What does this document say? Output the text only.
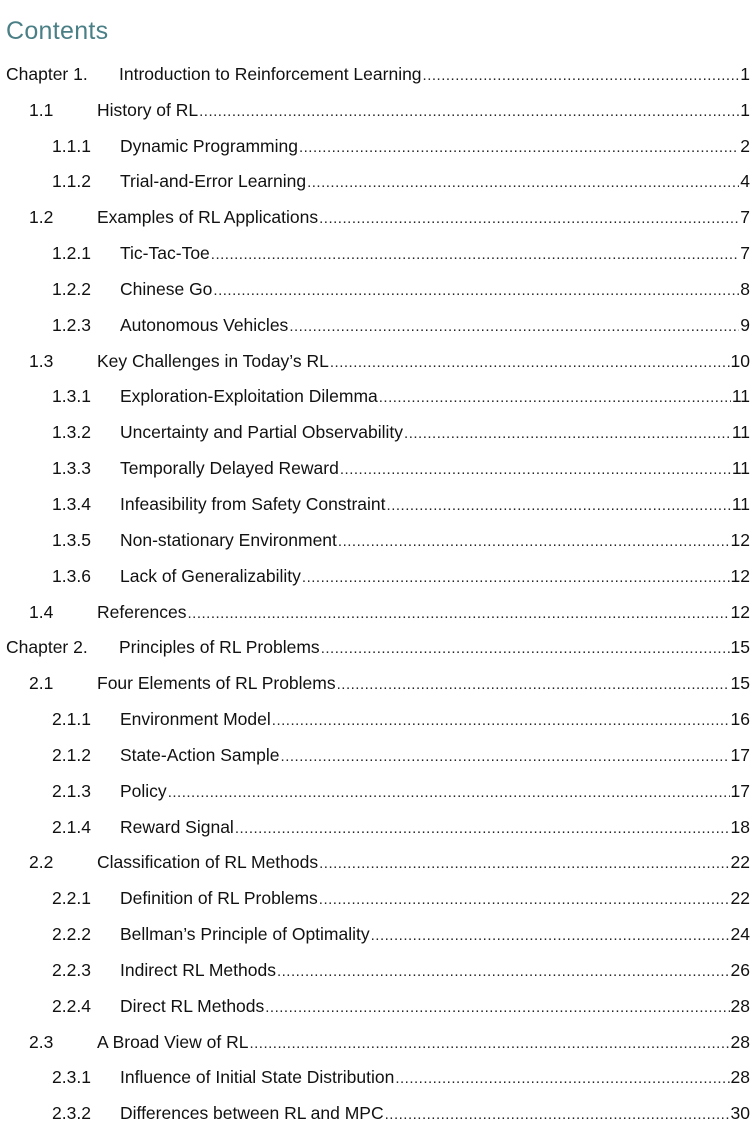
Contents
Chapter 1. Introduction to Reinforcement Learning .....	1
1.1 History of RL .....	1
1.1.1 Dynamic Programming .....	2
1.1.2 Trial-and-Error Learning .....	4
1.2 Examples of RL Applications .....	7
1.2.1 Tic-Tac-Toe .....	7
1.2.2 Chinese Go .....	8
1.2.3 Autonomous Vehicles .....	9
1.3 Key Challenges in Today’s RL .....	10
1.3.1 Exploration-Exploitation Dilemma .....	11
1.3.2 Uncertainty and Partial Observability .....	11
1.3.3 Temporally Delayed Reward .....	11
1.3.4 Infeasibility from Safety Constraint .....	11
1.3.5 Non-stationary Environment .....	12
1.3.6 Lack of Generalizability .....	12
1.4 References .....	12
Chapter 2. Principles of RL Problems .....	15
2.1 Four Elements of RL Problems .....	15
2.1.1 Environment Model .....	16
2.1.2 State-Action Sample .....	17
2.1.3 Policy .....	17
2.1.4 Reward Signal .....	18
2.2 Classification of RL Methods .....	22
2.2.1 Definition of RL Problems .....	22
2.2.2 Bellman’s Principle of Optimality .....	24
2.2.3 Indirect RL Methods .....	26
2.2.4 Direct RL Methods .....	28
2.3 A Broad View of RL .....	28
2.3.1 Influence of Initial State Distribution .....	28
2.3.2 Differences between RL and MPC .....	30
